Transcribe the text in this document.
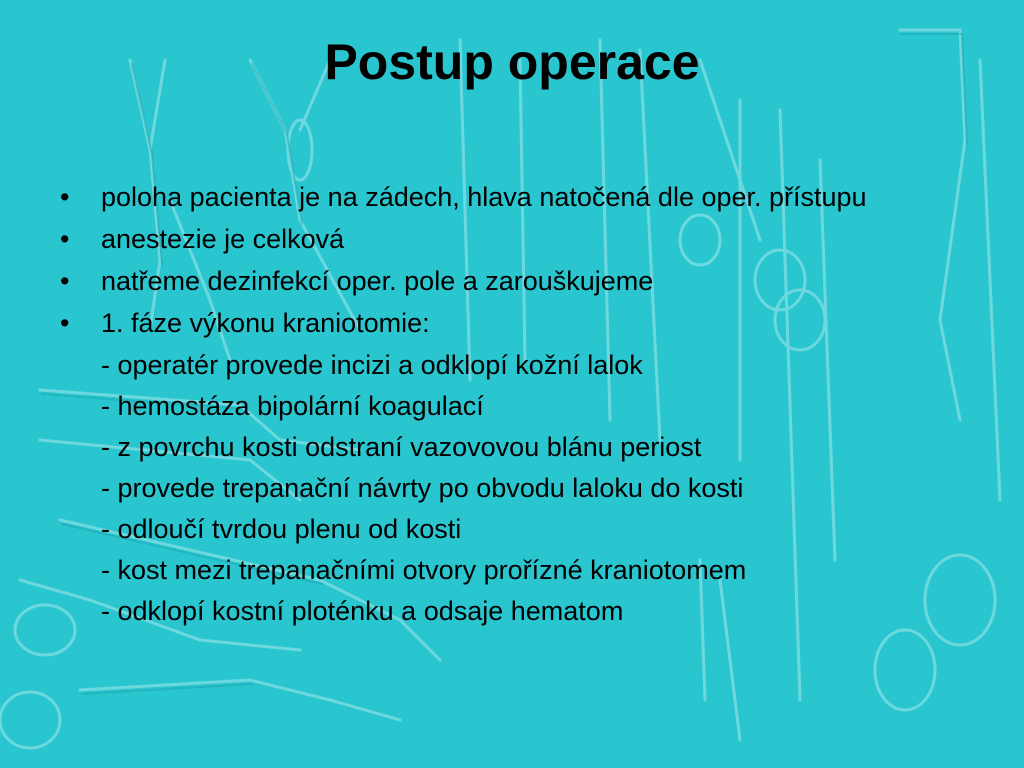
Postup operace
• poloha pacienta je na zádech, hlava natočená dle oper. přístupu
• anestezie je celková
• natřeme dezinfekcí oper. pole a zarouškujeme
• 1. fáze výkonu kraniotomie:
- operatér provede incizi a odklopí kožní lalok
- hemostáza bipolární koagulací
- z povrchu kosti odstraní vazovovou blánu periost
- provede trepanační návrty po obvodu laloku do kosti
- odloučí tvrdou plenu od kosti
- kost mezi trepanačními otvory prořízné kraniotomem
- odklopí kostní ploténku a odsaje hematom
